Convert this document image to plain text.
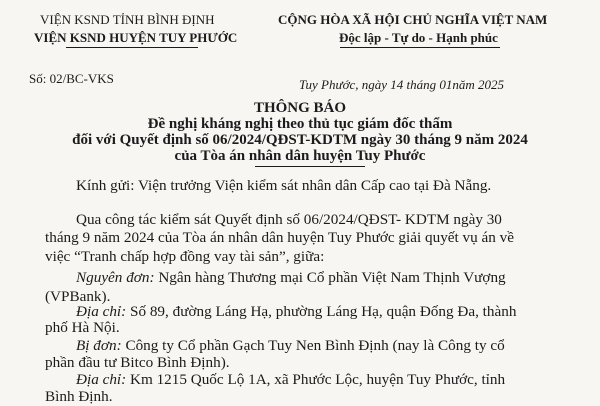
VIỆN KSND TỈNH BÌNH ĐỊNH
VIỆN KSND HUYỆN TUY PHƯỚC
Số: 02/BC-VKS
CỘNG HÒA XÃ HỘI CHỦ NGHĨA VIỆT NAM
Độc lập - Tự do - Hạnh phúc
Tuy Phước, ngày 14 tháng 01năm 2025
THÔNG BÁO
Đề nghị kháng nghị theo thủ tục giám đốc thẩm
đối với Quyết định số 06/2024/QĐST-KDTM ngày 30 tháng 9 năm 2024
của Tòa án nhân dân huyện Tuy Phước
Kính gửi: Viện trưởng Viện kiểm sát nhân dân Cấp cao tại Đà Nẵng.
Qua công tác kiểm sát Quyết định số 06/2024/QĐST- KDTM ngày 30
tháng 9 năm 2024 của Tòa án nhân dân huyện Tuy Phước giải quyết vụ án về
việc “Tranh chấp hợp đồng vay tài sản”, giữa:
Nguyên đơn: Ngân hàng Thương mại Cổ phần Việt Nam Thịnh Vượng
(VPBank).
Địa chỉ: Số 89, đường Láng Hạ, phường Láng Hạ, quận Đống Đa, thành
phố Hà Nội.
Bị đơn: Công ty Cổ phần Gạch Tuy Nen Bình Định (nay là Công ty cổ
phần đầu tư Bitco Bình Định).
Địa chỉ: Km 1215 Quốc Lộ 1A, xã Phước Lộc, huyện Tuy Phước, tỉnh
Bình Định.
